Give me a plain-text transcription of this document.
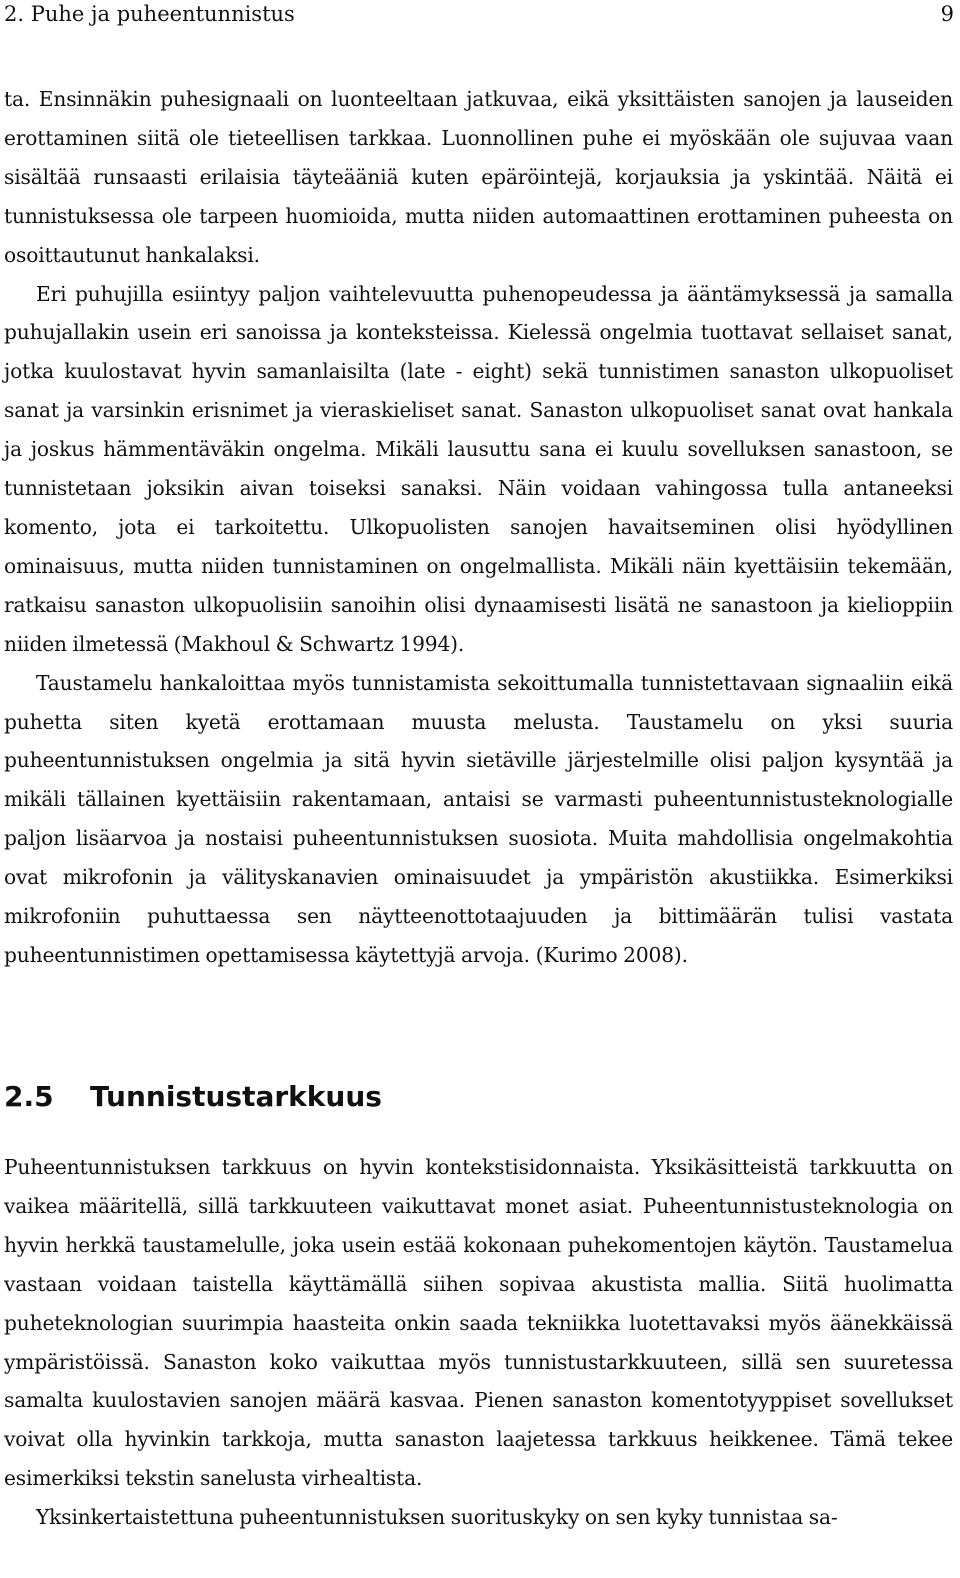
2. Puhe ja puheentunnistus	9

ta. Ensinnäkin puhesignaali on luonteeltaan jatkuvaa, eikä yksittäisten sanojen ja lauseiden erottaminen siitä ole tieteellisen tarkkaa. Luonnollinen puhe ei myöskään ole sujuvaa vaan sisältää runsaasti erilaisia täyteääniä kuten epäröintejä, korjauksia ja yskintää. Näitä ei tunnistuksessa ole tarpeen huomioida, mutta niiden automaattinen erottaminen puheesta on osoittautunut hankalaksi.

Eri puhujilla esiintyy paljon vaihtelevuutta puhenopeudessa ja ääntämyksessä ja samalla puhujallakin usein eri sanoissa ja konteksteissa. Kielessä ongelmia tuottavat sellaiset sanat, jotka kuulostavat hyvin samanlaisilta (late - eight) sekä tunnistimen sanaston ulkopuoliset sanat ja varsinkin erisnimet ja vieraskieliset sanat. Sanaston ulkopuoliset sanat ovat hankala ja joskus hämmentäväkin ongelma. Mikäli lausuttu sana ei kuulu sovelluksen sanastoon, se tunnistetaan joksikin aivan toiseksi sanaksi. Näin voidaan vahingossa tulla antaneeksi komento, jota ei tarkoitettu. Ulkopuolisten sanojen havaitseminen olisi hyödyllinen ominaisuus, mutta niiden tunnistaminen on ongelmallista. Mikäli näin kyettäisiin tekemään, ratkaisu sanaston ulkopuolisiin sanoihin olisi dynaamisesti lisätä ne sanastoon ja kielioppiin niiden ilmetessä (Makhoul & Schwartz 1994).

Taustamelu hankaloittaa myös tunnistamista sekoittumalla tunnistettavaan signaaliin eikä puhetta siten kyetä erottamaan muusta melusta. Taustamelu on yksi suuria puheentunnistuksen ongelmia ja sitä hyvin sietäville järjestelmille olisi paljon kysyntää ja mikäli tällainen kyettäisiin rakentamaan, antaisi se varmasti puheentunnistusteknologialle paljon lisäarvoa ja nostaisi puheentunnistuksen suosiota. Muita mahdollisia ongelmakohtia ovat mikrofonin ja välityskanavien ominaisuudet ja ympäristön akustiikka. Esimerkiksi mikrofoniin puhuttaessa sen näytteenottotaajuuden ja bittimäärän tulisi vastata puheentunnistimen opettamisessa käytettyjä arvoja. (Kurimo 2008).

2.5 Tunnistustarkkuus

Puheentunnistuksen tarkkuus on hyvin kontekstisidonnaista. Yksikäsitteistä tarkkuutta on vaikea määritellä, sillä tarkkuuteen vaikuttavat monet asiat. Puheentunnistusteknologia on hyvin herkkä taustamelulle, joka usein estää kokonaan puhekomentojen käytön. Taustamelua vastaan voidaan taistella käyttämällä siihen sopivaa akustista mallia. Siitä huolimatta puheteknologian suurimpia haasteita onkin saada tekniikka luotettavaksi myös äänekkäissä ympäristöissä. Sanaston koko vaikuttaa myös tunnistustarkkuuteen, sillä sen suuretessa samalta kuulostavien sanojen määrä kasvaa. Pienen sanaston komentotyyppiset sovellukset voivat olla hyvinkin tarkkoja, mutta sanaston laajetessa tarkkuus heikkenee. Tämä tekee esimerkiksi tekstin sanelusta virhealtista.

Yksinkertaistettuna puheentunnistuksen suorituskyky on sen kyky tunnistaa sa-
